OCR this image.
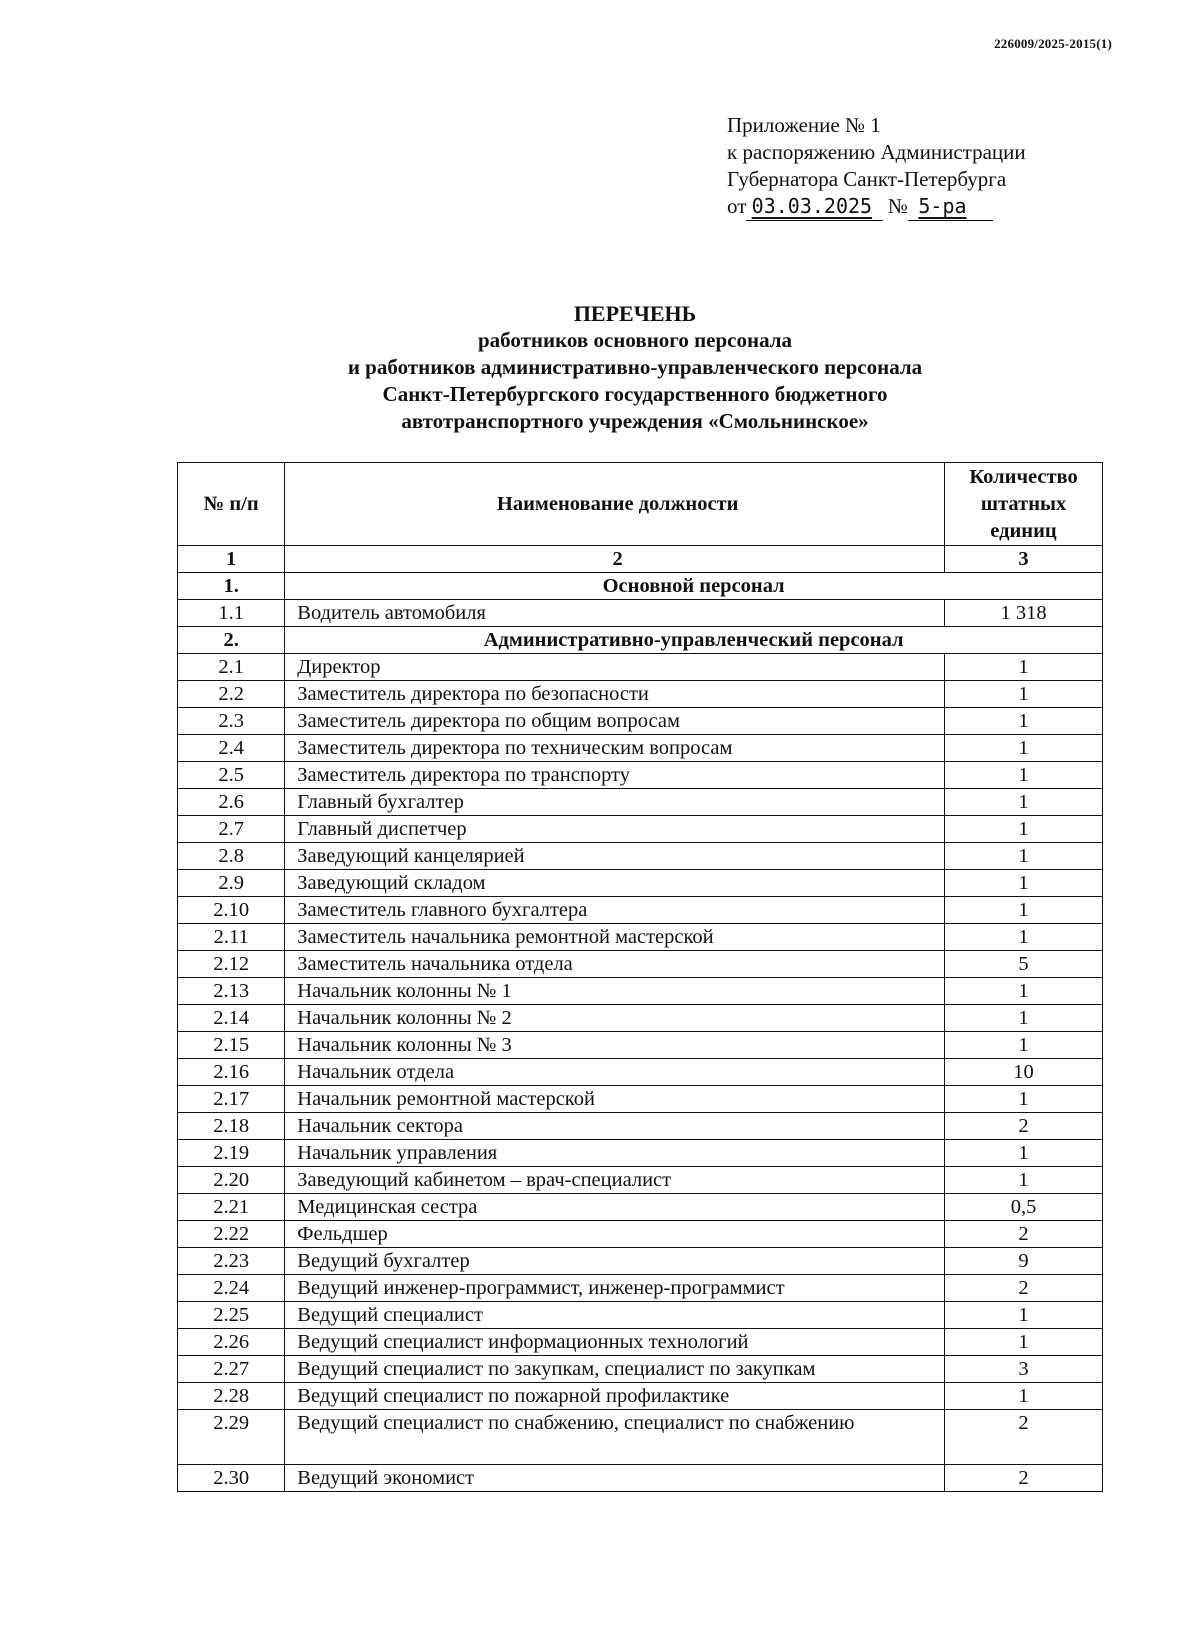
226009/2025-2015(1)
Приложение № 1
к распоряжению Администрации
Губернатора Санкт-Петербурга
от 03.03.2025 № 5-ра
ПЕРЕЧЕНЬ
работников основного персонала
и работников административно-управленческого персонала
Санкт-Петербургского государственного бюджетного
автотранспортного учреждения «Смольнинское»
№ п/п	Наименование должности	Количество штатных единиц
1	2	3
1.	Основной персонал	
1.1	Водитель автомобиля	1 318
2.	Административно-управленческий персонал	
2.1	Директор	1
2.2	Заместитель директора по безопасности	1
2.3	Заместитель директора по общим вопросам	1
2.4	Заместитель директора по техническим вопросам	1
2.5	Заместитель директора по транспорту	1
2.6	Главный бухгалтер	1
2.7	Главный диспетчер	1
2.8	Заведующий канцелярией	1
2.9	Заведующий складом	1
2.10	Заместитель главного бухгалтера	1
2.11	Заместитель начальника ремонтной мастерской	1
2.12	Заместитель начальника отдела	5
2.13	Начальник колонны № 1	1
2.14	Начальник колонны № 2	1
2.15	Начальник колонны № 3	1
2.16	Начальник отдела	10
2.17	Начальник ремонтной мастерской	1
2.18	Начальник сектора	2
2.19	Начальник управления	1
2.20	Заведующий кабинетом – врач-специалист	1
2.21	Медицинская сестра	0,5
2.22	Фельдшер	2
2.23	Ведущий бухгалтер	9
2.24	Ведущий инженер-программист, инженер-программист	2
2.25	Ведущий специалист	1
2.26	Ведущий специалист информационных технологий	1
2.27	Ведущий специалист по закупкам, специалист по закупкам	3
2.28	Ведущий специалист по пожарной профилактике	1
2.29	Ведущий специалист по снабжению, специалист по снабжению	2
2.30	Ведущий экономист	2
